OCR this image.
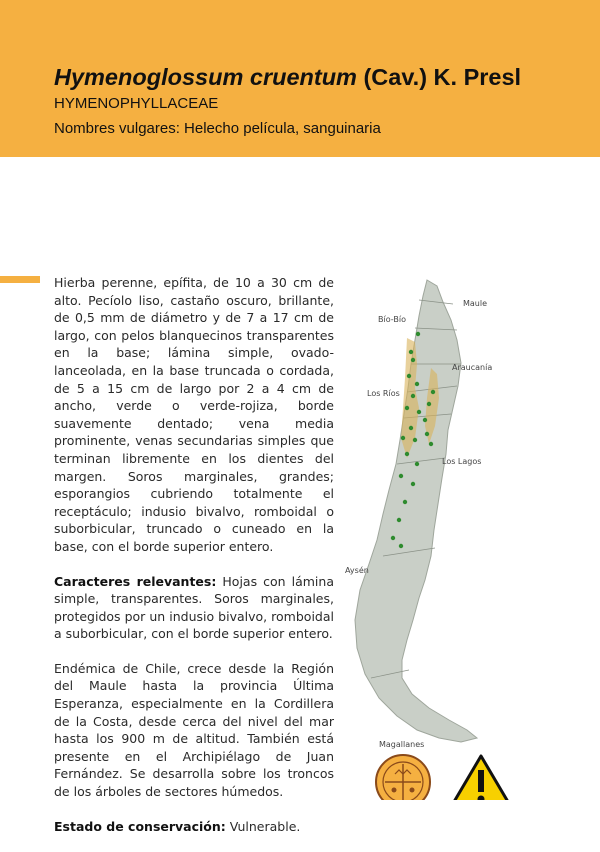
Hymenoglossum cruentum (Cav.) K. Presl

HYMENOPHYLLACEAE

Nombres vulgares: Helecho película, sanguinaria

Hierba perenne, epífita, de 10 a 30 cm de alto. Pecíolo liso, castaño oscuro, brillante, de 0,5 mm de diámetro y de 7 a 17 cm de largo, con pelos blanquecinos transparentes en la base; lámina simple, ovado-lanceolada, en la base truncada o cordada, de 5 a 15 cm de largo por 2 a 4 cm de ancho, verde o verde-rojiza, borde suavemente dentado; vena media prominente, venas secundarias simples que terminan libremente en los dientes del margen. Soros marginales, grandes; esporangios cubriendo totalmente el receptáculo; indusio bivalvo, romboidal o suborbicular, truncado o cuneado en la base, con el borde superior entero.

Caracteres relevantes: Hojas con lámina simple, transparentes. Soros marginales, protegidos por un indusio bivalvo, romboidal a suborbicular, con el borde superior entero.

Endémica de Chile, crece desde la Región del Maule hasta la provincia Última Esperanza, especialmente en la Cordillera de la Costa, desde cerca del nivel del mar hasta los 900 m de altitud. También está presente en el Archipiélago de Juan Fernández. Se desarrolla sobre los troncos de los árboles de sectores húmedos.

Estado de conservación: Vulnerable.

Maule
Bío-Bío
Araucanía
Los Ríos
Los Lagos
Aysén
Magallanes
